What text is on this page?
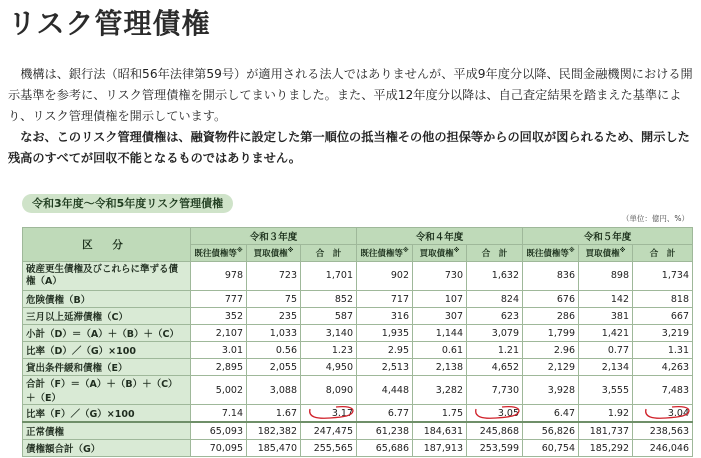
リスク管理債権

機構は、銀行法（昭和56年法律第59号）が適用される法人ではありませんが、平成9年度分以降、民間金融機関における開示基準を参考に、リスク管理債権を開示してまいりました。また、平成12年度分以降は、自己査定結果を踏まえた基準により、リスク管理債権を開示しています。

なお、このリスク管理債権は、融資物件に設定した第一順位の抵当権その他の担保等からの回収が図られるため、開示した残高のすべてが回収不能となるものではありません。

令和3年度～令和5年度リスク管理債権
（単位：億円、%）
区 分	令和３年度			令和４年度			令和５年度		
	既往債権等※	買取債権※	合　計	既往債権等※	買取債権※	合　計	既往債権等※	買取債権※	合　計
破産更生債権及びこれらに準ずる債権（A）	978	723	1,701	902	730	1,632	836	898	1,734
危険債権（B）	777	75	852	717	107	824	676	142	818
三月以上延滞債権（C）	352	235	587	316	307	623	286	381	667
小計（D）＝（A）＋（B）＋（C）	2,107	1,033	3,140	1,935	1,144	3,079	1,799	1,421	3,219
比率（D）／（G）×100	3.01	0.56	1.23	2.95	0.61	1.21	2.96	0.77	1.31
貸出条件緩和債権（E）	2,895	2,055	4,950	2,513	2,138	4,652	2,129	2,134	4,263
合計（F）＝（A）＋（B）＋（C）＋（E）	5,002	3,088	8,090	4,448	3,282	7,730	3,928	3,555	7,483
比率（F）／（G）×100	7.14	1.67	3.17	6.77	1.75	3.05	6.47	1.92	3.04

正常債権	65,093	182,382	247,475	61,238	184,631	245,868	56,826	181,737	238,563
債権額合計（G）	70,095	185,470	255,565	65,686	187,913	253,599	60,754	185,292	246,046
